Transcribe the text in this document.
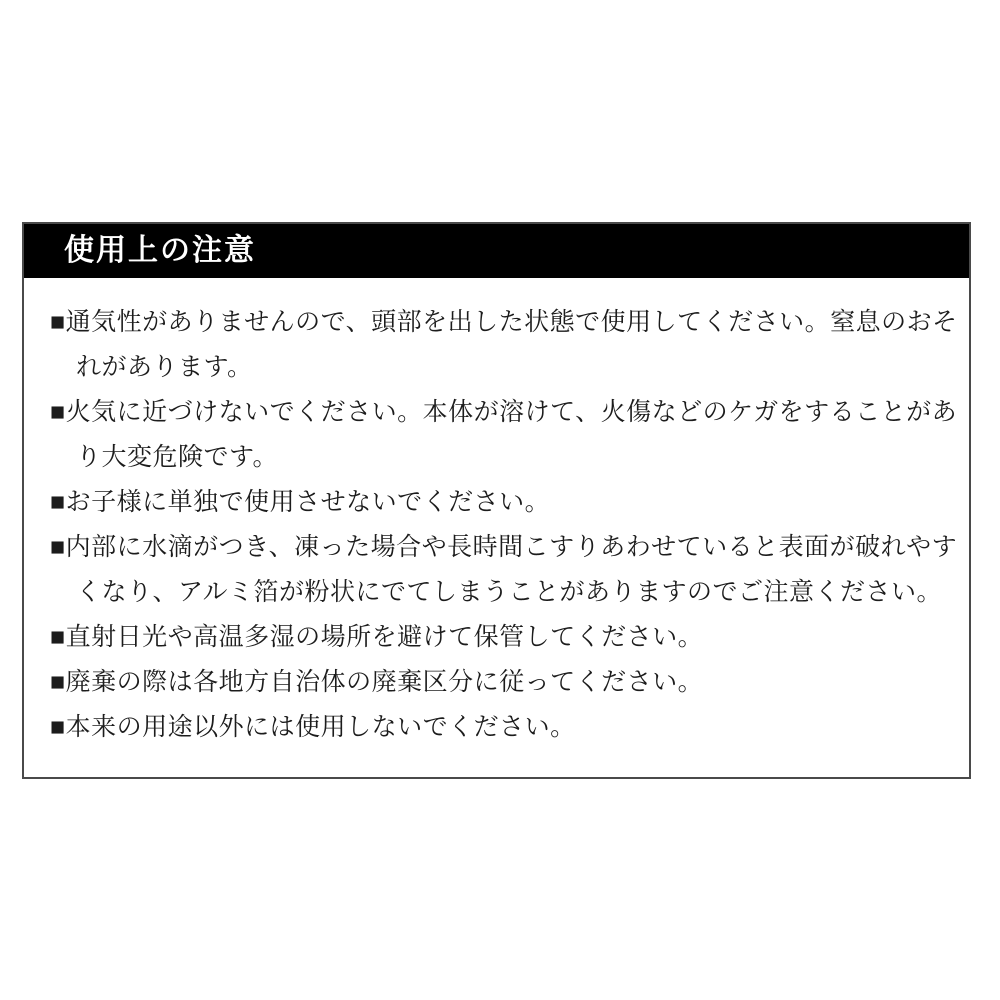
使用上の注意
■通気性がありませんので、頭部を出した状態で使用してください。窒息のおそ
れがあります。
■火気に近づけないでください。本体が溶けて、火傷などのケガをすることがあ
り大変危険です。
■お子様に単独で使用させないでください。
■内部に水滴がつき、凍った場合や長時間こすりあわせていると表面が破れやす
くなり、アルミ箔が粉状にでてしまうことがありますのでご注意ください。
■直射日光や高温多湿の場所を避けて保管してください。
■廃棄の際は各地方自治体の廃棄区分に従ってください。
■本来の用途以外には使用しないでください。
